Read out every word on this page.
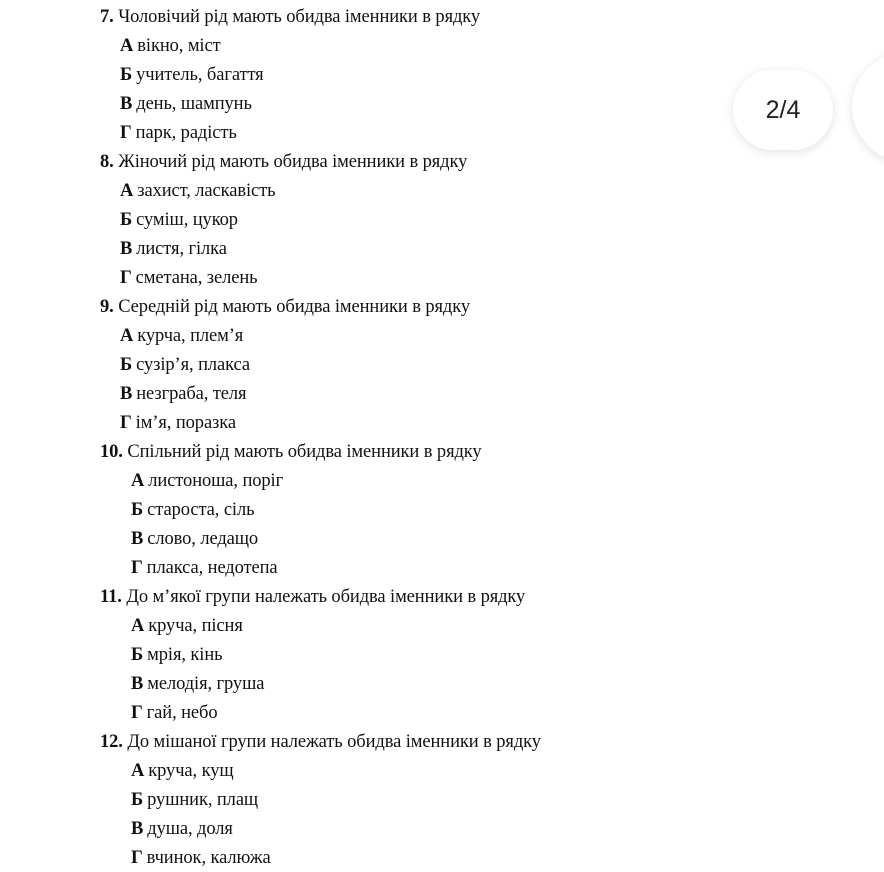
7. Чоловічий рід мають обидва іменники в рядку
А вікно, міст
Б учитель, багаття
В день, шампунь
Г парк, радість
8. Жіночий рід мають обидва іменники в рядку
А захист, ласкавість
Б суміш, цукор
В листя, гілка
Г сметана, зелень
9. Середній рід мають обидва іменники в рядку
А курча, плем’я
Б сузір’я, плакса
В незграба, теля
Г ім’я, поразка
10. Спільний рід мають обидва іменники в рядку
А листоноша, поріг
Б староста, сіль
В слово, ледащо
Г плакса, недотепа
11. До м’якої групи належать обидва іменники в рядку
А круча, пісня
Б мрія, кінь
В мелодія, груша
Г гай, небо
12. До мішаної групи належать обидва іменники в рядку
А круча, кущ
Б рушник, плащ
В душа, доля
Г вчинок, калюжа
2/4
